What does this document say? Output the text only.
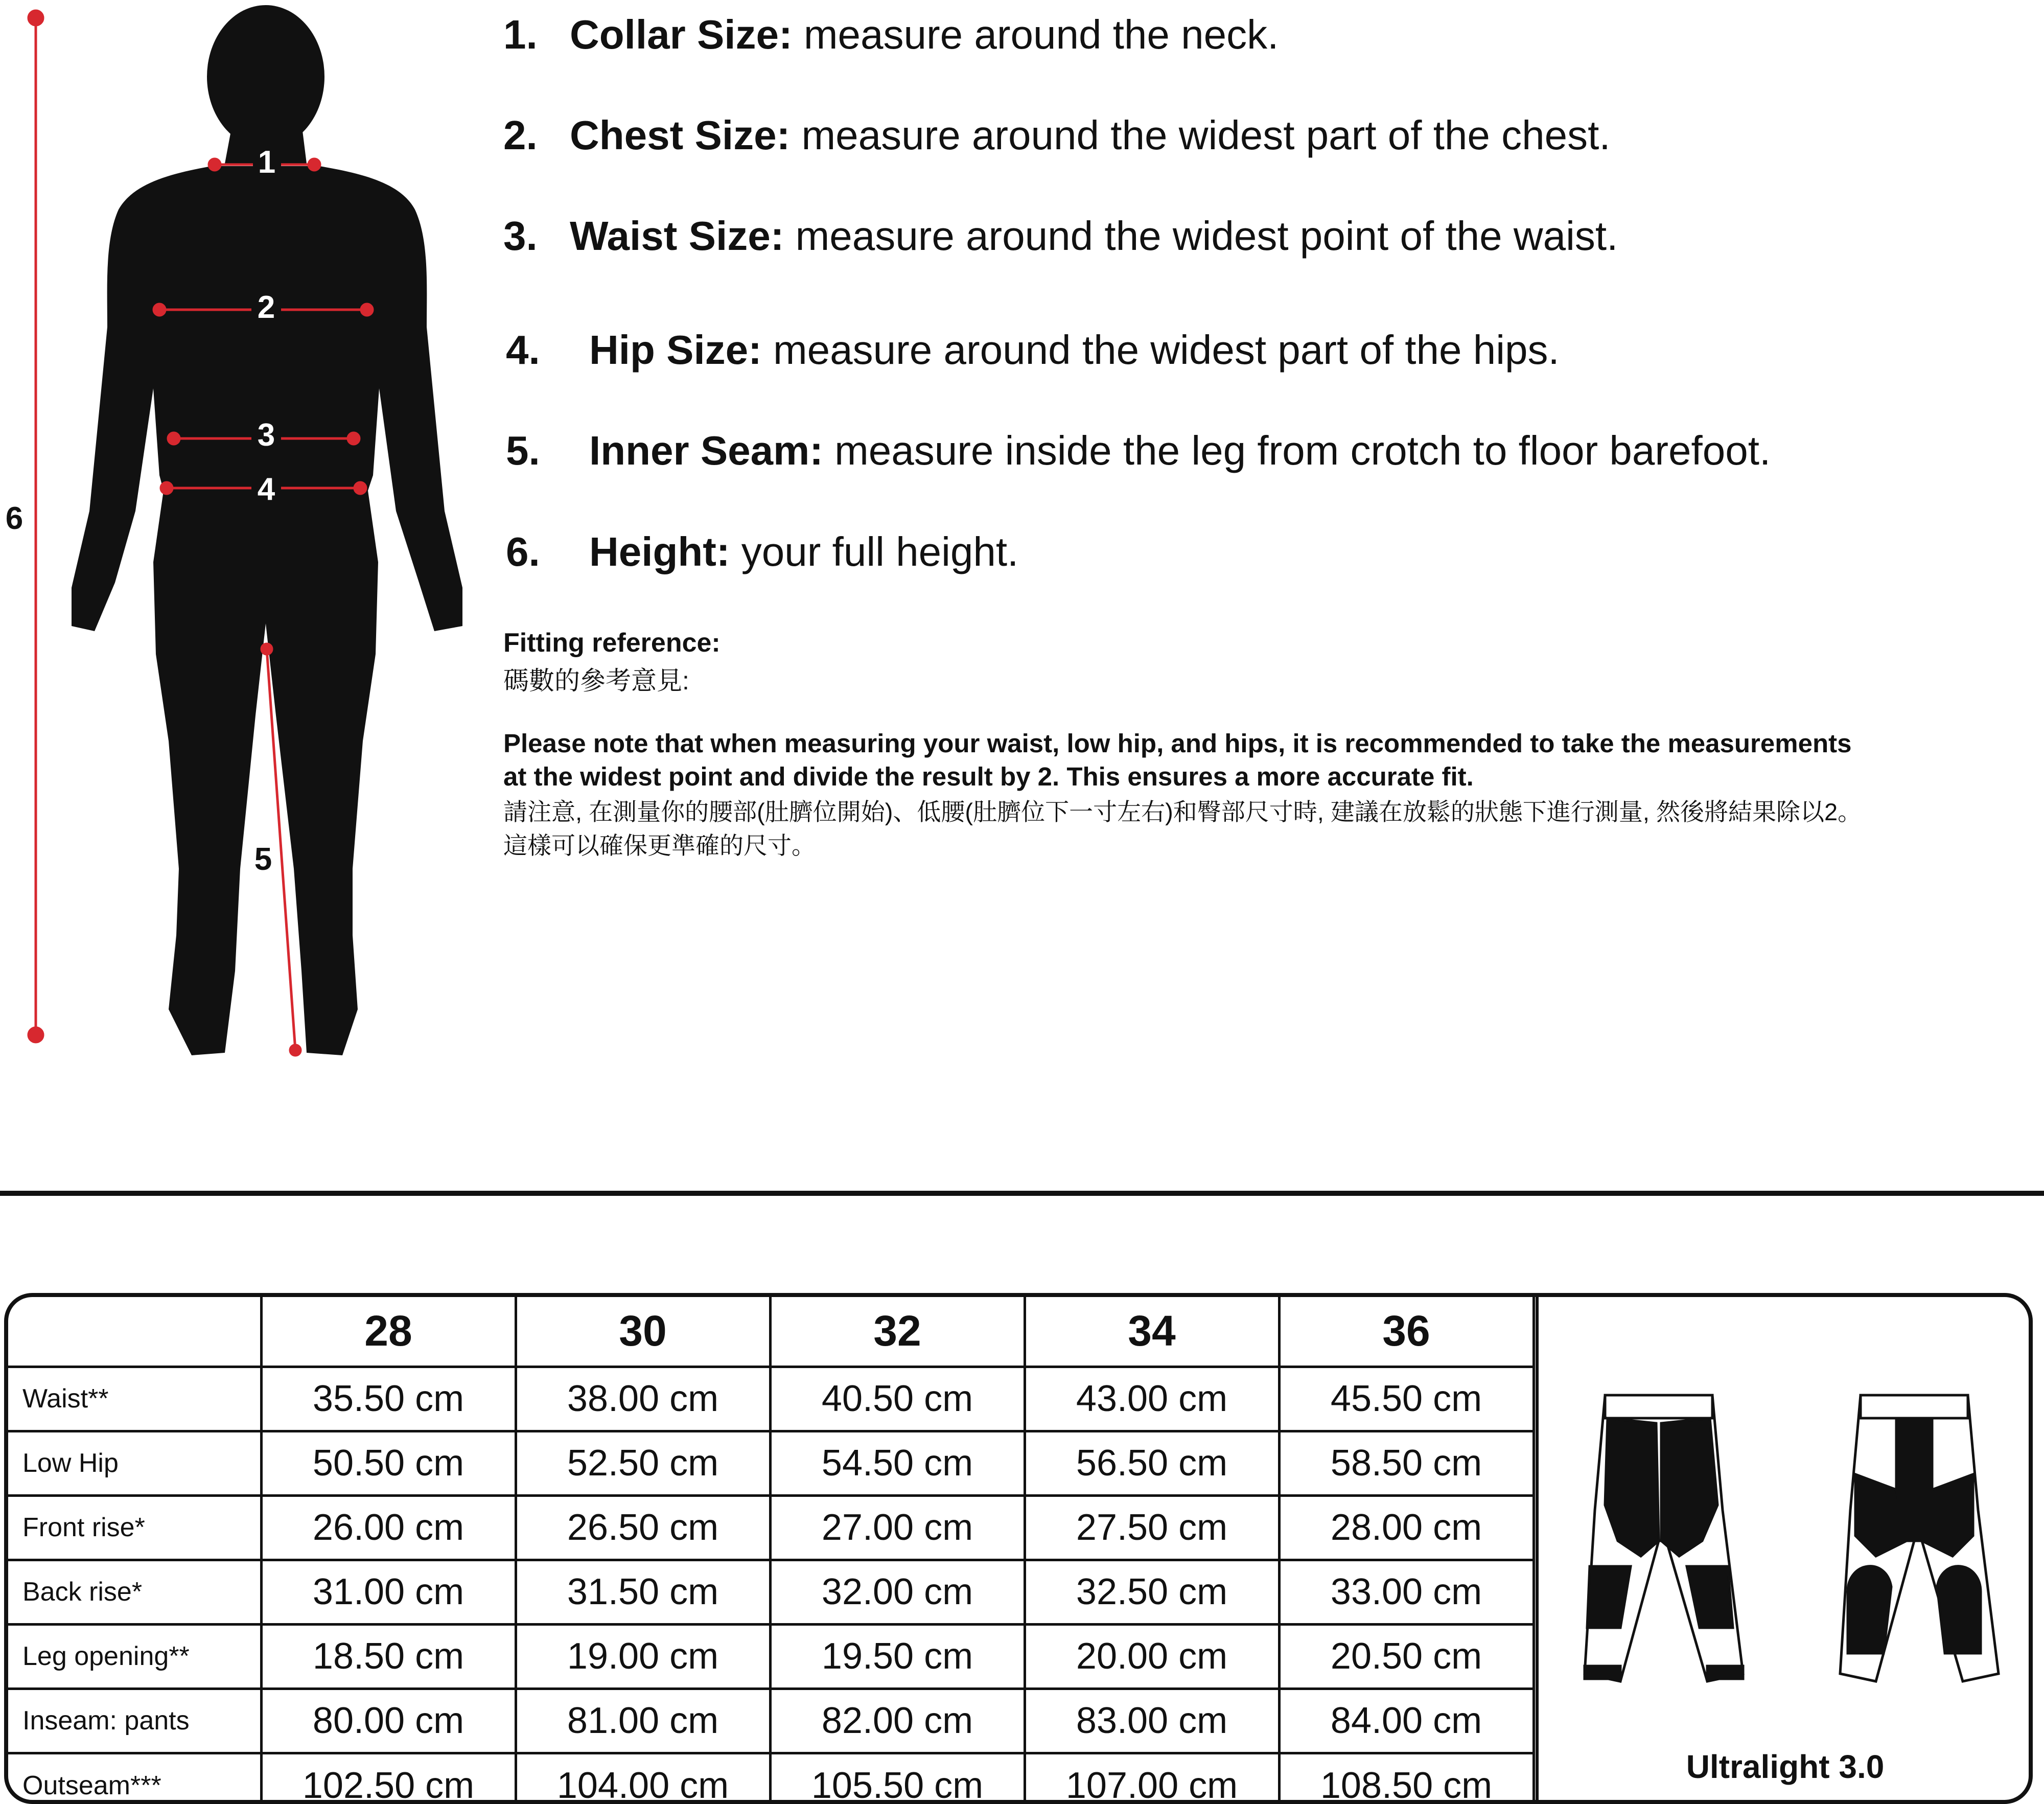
1
2
3
4
5
6
1. Collar Size: measure around the neck.
2. Chest Size: measure around the widest part of the chest.
3. Waist Size: measure around the widest point of the waist.
4. Hip Size: measure around the widest part of the hips.
5. Inner Seam: measure inside the leg from crotch to floor barefoot.
6. Height: your full height.
Fitting reference:
碼數的參考意見:
Please note that when measuring your waist, low hip, and hips, it is recommended to take the measurements
at the widest point and divide the result by 2. This ensures a more accurate fit.
請注意, 在測量你的腰部(肚臍位開始)、低腰(肚臍位下一寸左右)和臀部尺寸時, 建議在放鬆的狀態下進行測量, 然後將結果除以2。
這樣可以確保更準確的尺寸。
	28	30	32	34	36
Waist**	35.50 cm	38.00 cm	40.50 cm	43.00 cm	45.50 cm
Low Hip	50.50 cm	52.50 cm	54.50 cm	56.50 cm	58.50 cm
Front rise*	26.00 cm	26.50 cm	27.00 cm	27.50 cm	28.00 cm
Back rise*	31.00 cm	31.50 cm	32.00 cm	32.50 cm	33.00 cm
Leg opening**	18.50 cm	19.00 cm	19.50 cm	20.00 cm	20.50 cm
Inseam: pants	80.00 cm	81.00 cm	82.00 cm	83.00 cm	84.00 cm
Outseam***	102.50 cm	104.00 cm	105.50 cm	107.00 cm	108.50 cm	Ultralight 3.0
